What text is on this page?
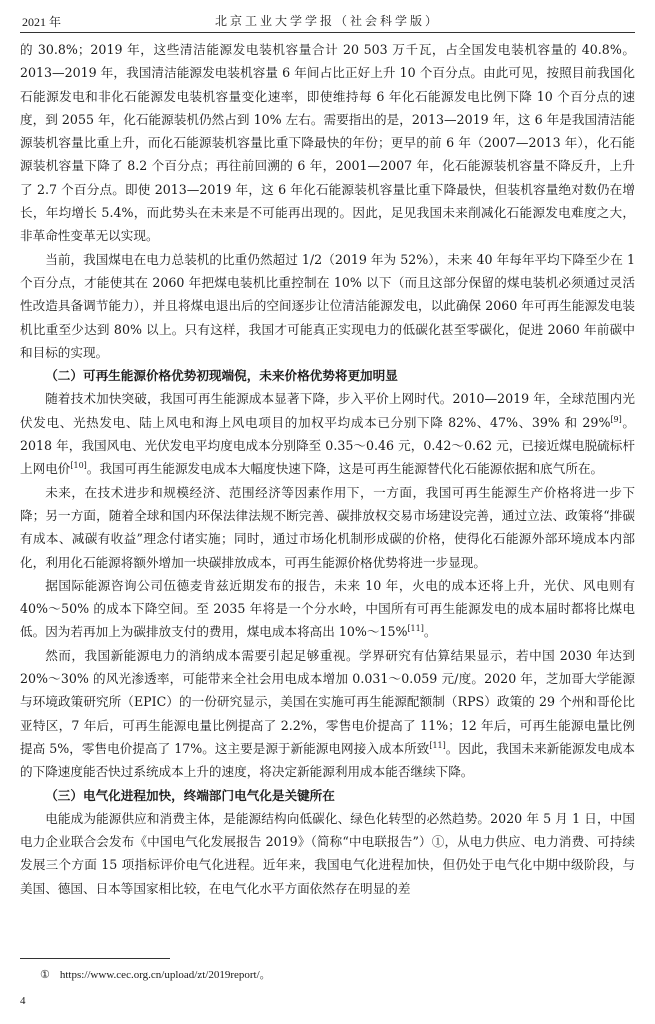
2021 年	北京工业大学学报（社会科学版）

的 30.8%；2019 年，这些清洁能源发电装机容量合计 20 503 万千瓦，占全国发电装机容量的 40.8%。2013—2019 年，我国清洁能源发电装机容量 6 年间占比正好上升 10 个百分点。由此可见，按照目前我国化石能源发电和非化石能源发电装机容量变化速率，即使维持每 6 年化石能源发电比例下降 10 个百分点的速度，到 2055 年，化石能源装机仍然占到 10% 左右。需要指出的是，2013—2019 年，这 6 年是我国清洁能源装机容量比重上升，而化石能源装机容量比重下降最快的年份；更早的前 6 年（2007—2013 年），化石能源装机容量下降了 8.2 个百分点；再往前回溯的 6 年，2001—2007 年，化石能源装机容量不降反升，上升了 2.7 个百分点。即使 2013—2019 年，这 6 年化石能源装机容量比重下降最快，但装机容量绝对数仍在增长，年均增长 5.4%，而此势头在未来是不可能再出现的。因此，足见我国未来削减化石能源发电难度之大，非革命性变革无以实现。

当前，我国煤电在电力总装机的比重仍然超过 1/2（2019 年为 52%），未来 40 年每年平均下降至少在 1 个百分点，才能使其在 2060 年把煤电装机比重控制在 10% 以下（而且这部分保留的煤电装机必须通过灵活性改造具备调节能力），并且将煤电退出后的空间逐步让位清洁能源发电，以此确保 2060 年可再生能源发电装机比重至少达到 80% 以上。只有这样，我国才可能真正实现电力的低碳化甚至零碳化，促进 2060 年前碳中和目标的实现。

（二）可再生能源价格优势初现端倪，未来价格优势将更加明显

随着技术加快突破，我国可再生能源成本显著下降，步入平价上网时代。2010—2019 年，全球范围内光伏发电、光热发电、陆上风电和海上风电项目的加权平均成本已分别下降 82%、47%、39% 和 29%[9]。2018 年，我国风电、光伏发电平均度电成本分别降至 0.35～0.46 元，0.42～0.62 元，已接近煤电脱硫标杆上网电价[10]。我国可再生能源发电成本大幅度快速下降，这是可再生能源替代化石能源依据和底气所在。

未来，在技术进步和规模经济、范围经济等因素作用下，一方面，我国可再生能源生产价格将进一步下降；另一方面，随着全球和国内环保法律法规不断完善、碳排放权交易市场建设完善，通过立法、政策将“排碳有成本、减碳有收益”理念付诸实施；同时，通过市场化机制形成碳的价格，使得化石能源外部环境成本内部化，利用化石能源将额外增加一块碳排放成本，可再生能源价格优势将进一步显现。

据国际能源咨询公司伍德麦肯兹近期发布的报告，未来 10 年，火电的成本还将上升，光伏、风电则有 40%～50% 的成本下降空间。至 2035 年将是一个分水岭，中国所有可再生能源发电的成本届时都将比煤电低。因为若再加上为碳排放支付的费用，煤电成本将高出 10%～15%[11]。

然而，我国新能源电力的消纳成本需要引起足够重视。学界研究有估算结果显示，若中国 2030 年达到 20%～30% 的风光渗透率，可能带来全社会用电成本增加 0.031～0.059 元/度。2020 年，芝加哥大学能源与环境政策研究所（EPIC）的一份研究显示，美国在实施可再生能源配额制（RPS）政策的 29 个州和哥伦比亚特区，7 年后，可再生能源电量比例提高了 2.2%，零售电价提高了 11%；12 年后，可再生能源电量比例提高 5%，零售电价提高了 17%。这主要是源于新能源电网接入成本所致[11]。因此，我国未来新能源发电成本的下降速度能否快过系统成本上升的速度，将决定新能源利用成本能否继续下降。

（三）电气化进程加快，终端部门电气化是关键所在

电能成为能源供应和消费主体，是能源结构向低碳化、绿色化转型的必然趋势。2020 年 5 月 1 日，中国电力企业联合会发布《中国电气化发展报告 2019》（简称“中电联报告”）①，从电力供应、电力消费、可持续发展三个方面 15 项指标评价电气化进程。近年来，我国电气化进程加快，但仍处于电气化中期中级阶段，与美国、德国、日本等国家相比较，在电气化水平方面依然存在明显的差

① https://www.cec.org.cn/upload/zt/2019report/。
4
